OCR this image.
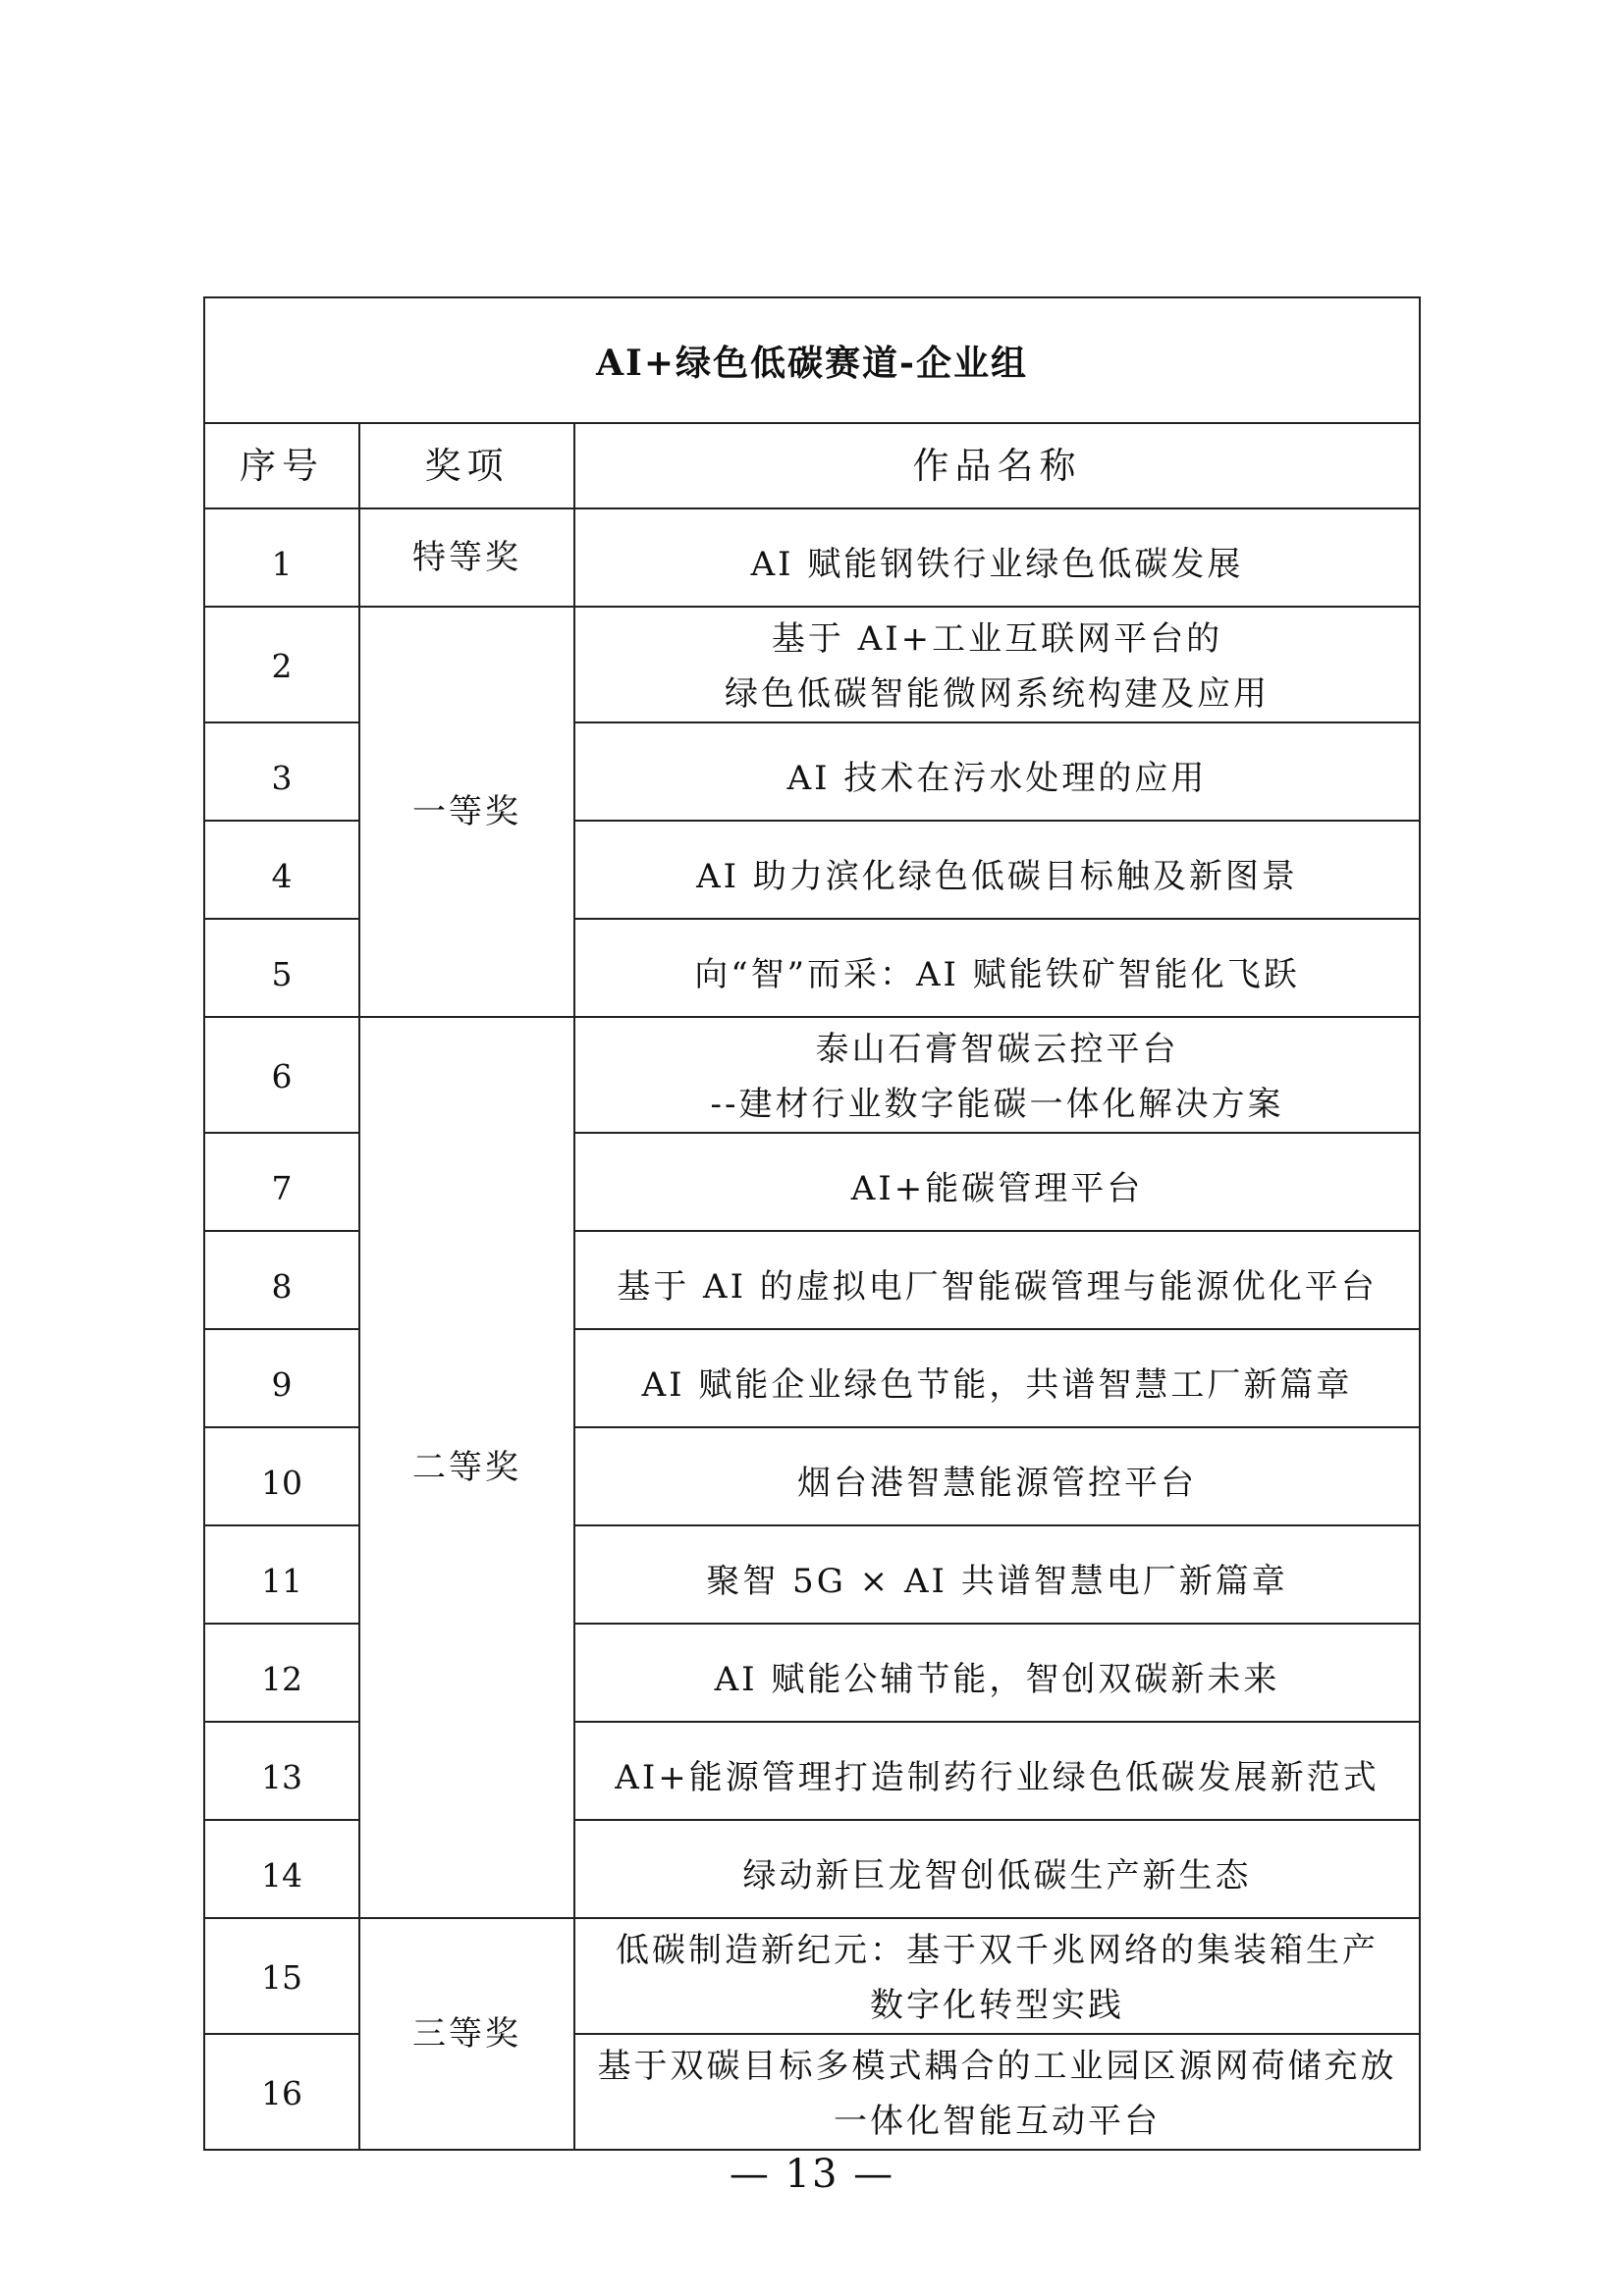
AI+绿色低碳赛道-企业组		
序号	奖项	作品名称
1	特等奖	AI 赋能钢铁行业绿色低碳发展

2	一等奖	基于 AI+工业互联网平台的
绿色低碳智能微网系统构建及应用

3		AI 技术在污水处理的应用

4		AI 助力滨化绿色低碳目标触及新图景

5		向“智”而采：AI 赋能铁矿智能化飞跃

6	二等奖	泰山石膏智碳云控平台
--建材行业数字能碳一体化解决方案

7		AI+能碳管理平台

8		基于 AI 的虚拟电厂智能碳管理与能源优化平台

9		AI 赋能企业绿色节能，共谱智慧工厂新篇章

10		烟台港智慧能源管控平台

11		聚智 5G × AI 共谱智慧电厂新篇章

12		AI 赋能公辅节能，智创双碳新未来

13		AI+能源管理打造制药行业绿色低碳发展新范式

14		绿动新巨龙智创低碳生产新生态

15	三等奖	低碳制造新纪元：基于双千兆网络的集装箱生产
数字化转型实践

16		基于双碳目标多模式耦合的工业园区源网荷储充放
一体化智能互动平台
— 13 —
